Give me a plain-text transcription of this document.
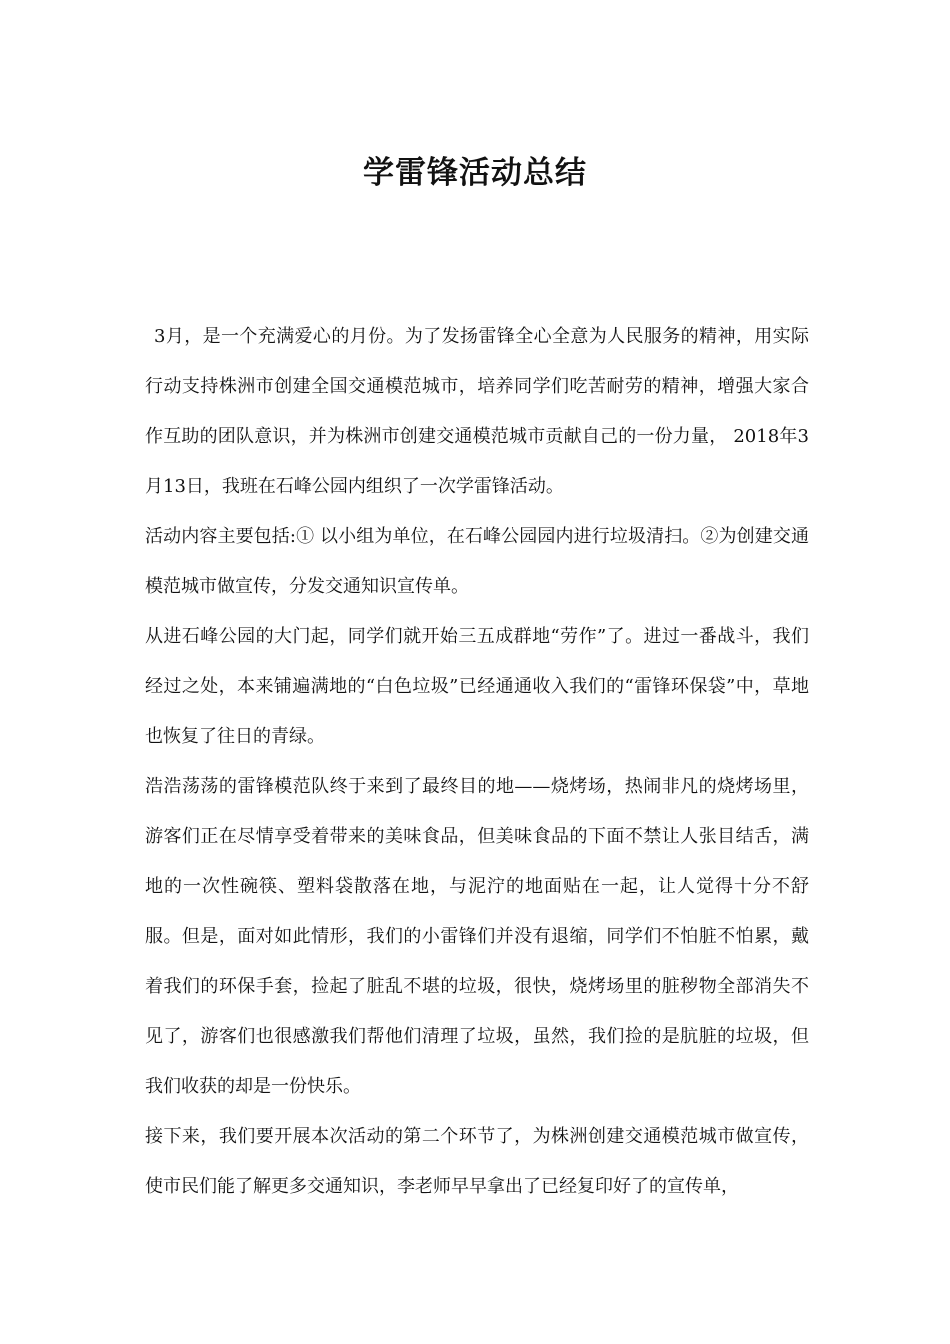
学雷锋活动总结

3月，是一个充满爱心的月份。为了发扬雷锋全心全意为人民服务的精神，用实际行动支持株洲市创建全国交通模范城市，培养同学们吃苦耐劳的精神，增强大家合作互助的团队意识，并为株洲市创建交通模范城市贡献自己的一份力量， 2018年3月13日，我班在石峰公园内组织了一次学雷锋活动。

活动内容主要包括:① 以小组为单位，在石峰公园园内进行垃圾清扫。②为创建交通模范城市做宣传，分发交通知识宣传单。

从进石峰公园的大门起，同学们就开始三五成群地“劳作”了。进过一番战斗，我们经过之处，本来铺遍满地的“白色垃圾”已经通通收入我们的“雷锋环保袋”中，草地也恢复了往日的青绿。

浩浩荡荡的雷锋模范队终于来到了最终目的地——烧烤场，热闹非凡的烧烤场里，游客们正在尽情享受着带来的美味食品，但美味食品的下面不禁让人张目结舌，满地的一次性碗筷、塑料袋散落在地，与泥泞的地面贴在一起，让人觉得十分不舒服。但是，面对如此情形，我们的小雷锋们并没有退缩，同学们不怕脏不怕累，戴着我们的环保手套，捡起了脏乱不堪的垃圾，很快，烧烤场里的脏秽物全部消失不见了，游客们也很感激我们帮他们清理了垃圾，虽然，我们捡的是肮脏的垃圾，但我们收获的却是一份快乐。

接下来，我们要开展本次活动的第二个环节了，为株洲创建交通模范城市做宣传，使市民们能了解更多交通知识，李老师早早拿出了已经复印好了的宣传单，
